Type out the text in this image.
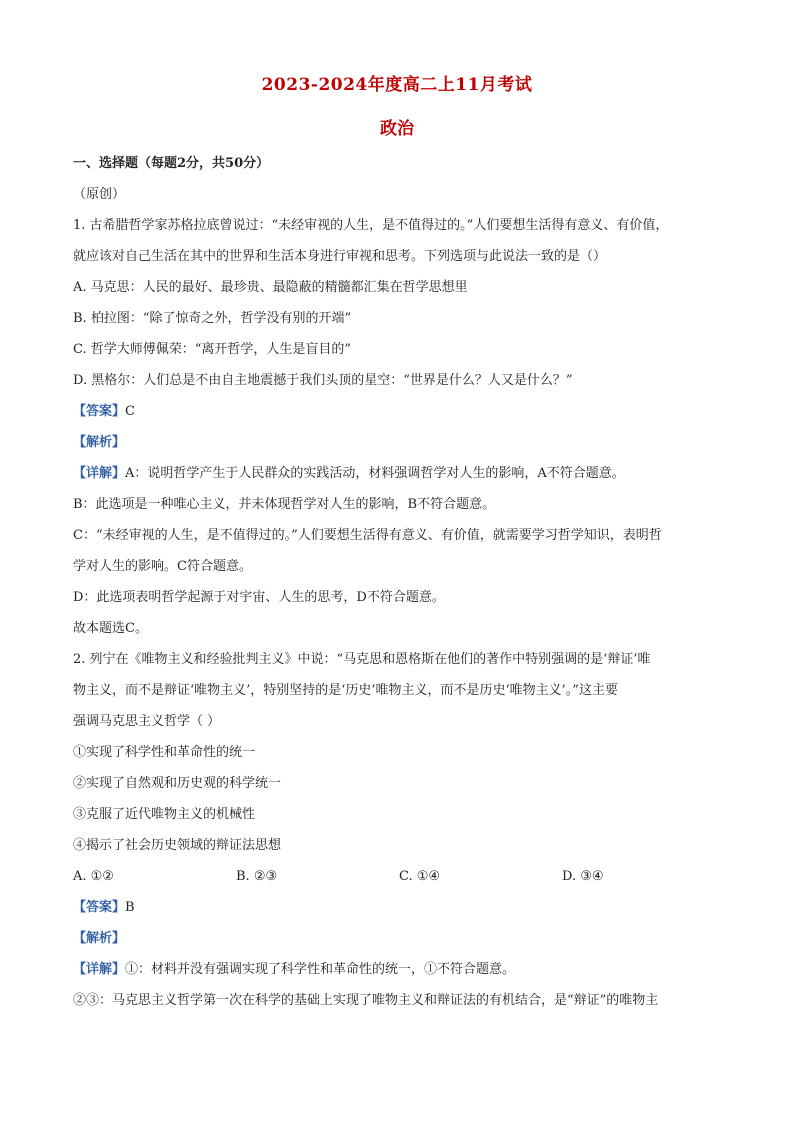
2023-2024年度高二上11月考试
政治
一、选择题（每题2分，共50分）
（原创）
1. 古希腊哲学家苏格拉底曾说过：“未经审视的人生，是不值得过的。”人们要想生活得有意义、有价值，
就应该对自己生活在其中的世界和生活本身进行审视和思考。下列选项与此说法一致的是（）
A. 马克思：人民的最好、最珍贵、最隐蔽的精髓都汇集在哲学思想里
B. 柏拉图：“除了惊奇之外，哲学没有别的开端”
C. 哲学大师傅佩荣：“离开哲学，人生是盲目的”
D. 黑格尔：人们总是不由自主地震撼于我们头顶的星空：“世界是什么？人又是什么？”
【答案】C
【解析】
【详解】A：说明哲学产生于人民群众的实践活动，材料强调哲学对人生的影响，A不符合题意。
B：此选项是一种唯心主义，并未体现哲学对人生的影响，B不符合题意。
C：“未经审视的人生，是不值得过的。”人们要想生活得有意义、有价值，就需要学习哲学知识，表明哲
学对人生的影响。C符合题意。
D：此选项表明哲学起源于对宇宙、人生的思考，D不符合题意。
故本题选C。
2. 列宁在《唯物主义和经验批判主义》中说：“马克思和恩格斯在他们的著作中特别强调的是‘辩证’唯
物主义，而不是辩证‘唯物主义’，特别坚持的是‘历史’唯物主义，而不是历史‘唯物主义’。”这主要
强调马克思主义哲学（ ）
①实现了科学性和革命性的统一
②实现了自然观和历史观的科学统一
③克服了近代唯物主义的机械性
④揭示了社会历史领域的辩证法思想
A. ①②	B. ②③	C. ①④	D. ③④
【答案】B
【解析】
【详解】①：材料并没有强调实现了科学性和革命性的统一，①不符合题意。
②③：马克思主义哲学第一次在科学的基础上实现了唯物主义和辩证法的有机结合，是“辩证”的唯物主
